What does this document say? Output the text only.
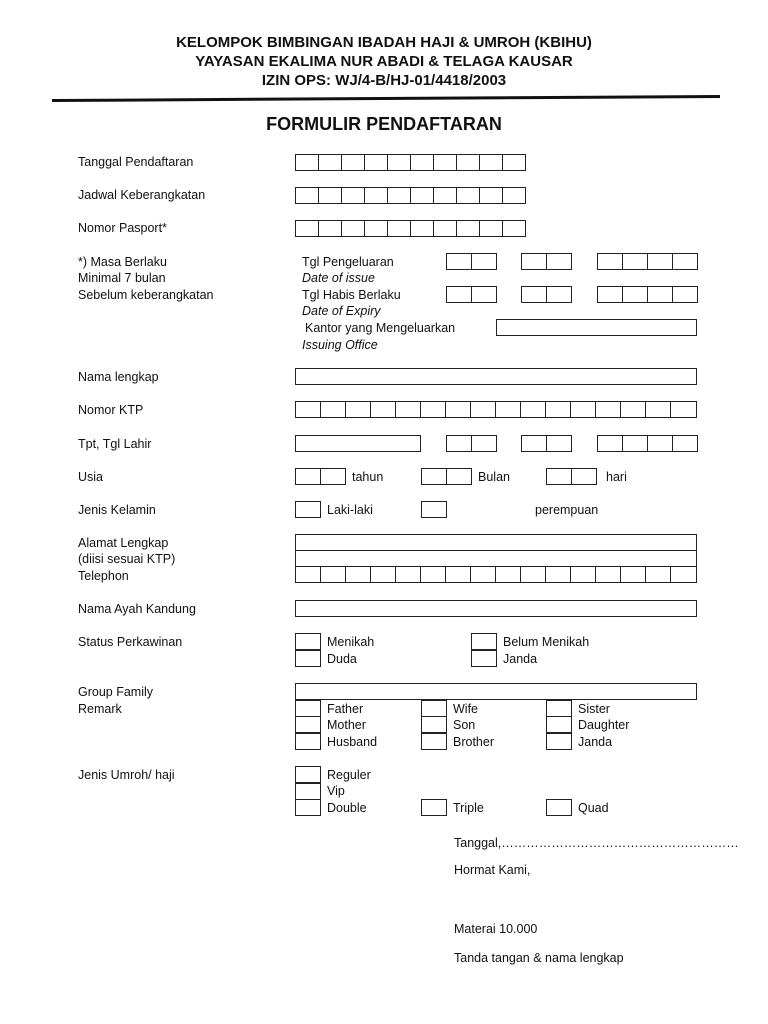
KELOMPOK BIMBINGAN IBADAH HAJI & UMROH (KBIHU)
YAYASAN EKALIMA NUR ABADI & TELAGA KAUSAR
IZIN OPS: WJ/4-B/HJ-01/4418/2003
FORMULIR PENDAFTARAN
Tanggal Pendaftaran
Jadwal Keberangkatan
Nomor Pasport*
*) Masa Berlaku
Minimal 7 bulan
Sebelum keberangkatan
Tgl Pengeluaran
Date of issue
Tgl Habis Berlaku
Date of Expiry
Kantor yang Mengeluarkan
Issuing Office
Nama lengkap
Nomor KTP
Tpt, Tgl Lahir
Usia	tahun	Bulan	hari
Jenis Kelamin	Laki-laki	perempuan
Alamat Lengkap
(diisi sesuai KTP)
Telephon
Nama Ayah Kandung
Status Perkawinan	Menikah	Belum Menikah
Duda	Janda
Group Family
Remark	Father	Wife	Sister
Mother	Son	Daughter
Husband	Brother	Janda
Jenis Umroh/ haji	Reguler
Vip
Double	Triple	Quad
Tanggal,…………………………………………………
Hormat Kami,
Materai 10.000
Tanda tangan & nama lengkap
